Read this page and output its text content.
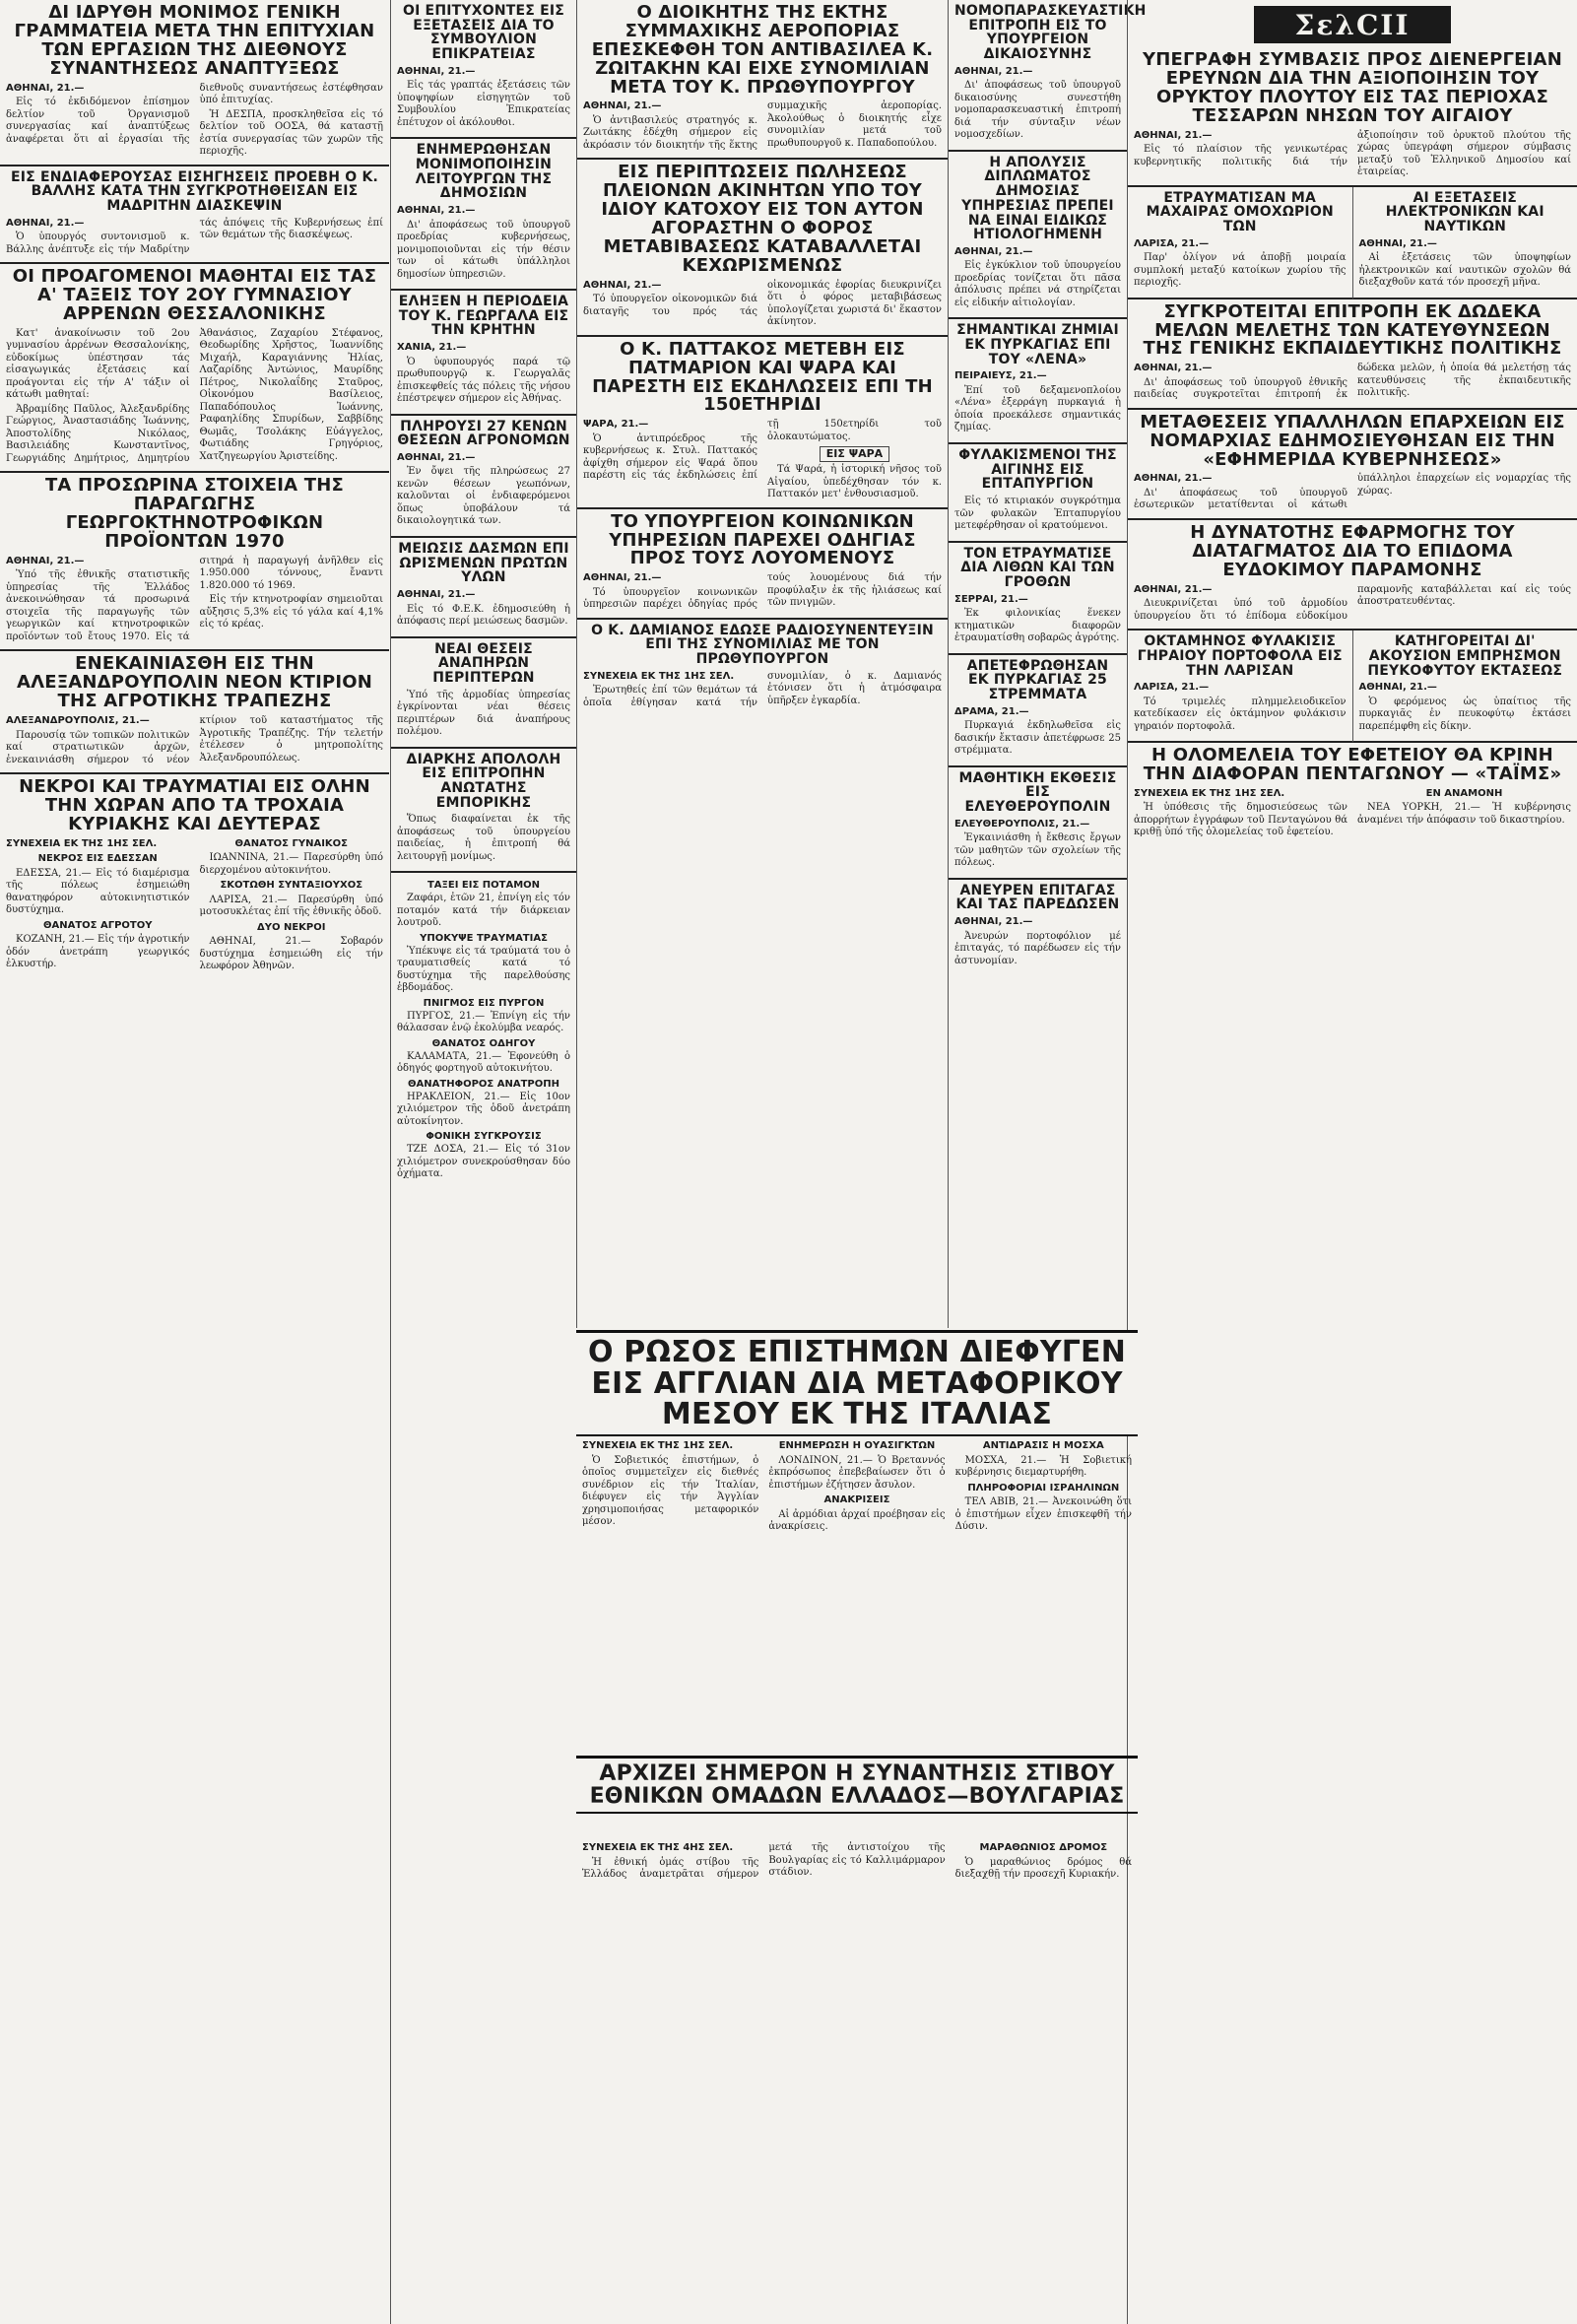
ΔΙ ΙΔΡΥΘΗ ΜΟΝΙΜΟΣ ΓΕΝΙΚΗ ΓΡΑΜΜΑΤΕΙΑ ΜΕΤΑ ΤΗΝ ΕΠΙΤΥΧΙΑΝ ΤΩΝ ΕΡΓΑΣΙΩΝ ΤΗΣ ΔΙΕΘΝΟΥΣ ΣΥΝΑΝΤΗΣΕΩΣ ΑΝΑΠΤΥΞΕΩΣ
ΑΘΗΝΑΙ, 21.—

Εἰς τό ἐκδιδόμενον ἐπίσημον δελτίον τοῦ Ὀργανισμοῦ συνεργασίας καί ἀναπτύξεως ἀναφέρεται ὅτι αἱ ἐργασίαι τῆς διεθνοῦς συναντήσεως ἐστέφθησαν ὑπό ἐπιτυχίας.

Ἡ ΔΕΣΠΑ, προσκληθεῖσα εἰς τό δελτίον τοῦ ΟΟΣΑ, θά καταστῇ ἐστία συνεργασίας τῶν χωρῶν τῆς περιοχῆς.

ΕΙΣ ΕΝΔΙΑΦΕΡΟΥΣΑΣ ΕΙΣΗΓΗΣΕΙΣ ΠΡΟΕΒΗ Ο Κ. ΒΑΛΛΗΣ ΚΑΤΑ ΤΗΝ ΣΥΓΚΡΟΤΗΘΕΙΣΑΝ ΕΙΣ ΜΑΔΡΙΤΗΝ ΔΙΑΣΚΕΨΙΝ
ΑΘΗΝΑΙ, 21.—

Ὁ ὑπουργός συντονισμοῦ κ. Βάλλης ἀνέπτυξε εἰς τήν Μαδρίτην τάς ἀπόψεις τῆς Κυβερνήσεως ἐπί τῶν θεμάτων τῆς διασκέψεως.

ΟΙ ΠΡΟΑΓΟΜΕΝΟΙ ΜΑΘΗΤΑΙ ΕΙΣ ΤΑΣ Α' ΤΑΞΕΙΣ ΤΟΥ 2ΟΥ ΓΥΜΝΑΣΙΟΥ ΑΡΡΕΝΩΝ ΘΕΣΣΑΛΟΝΙΚΗΣ

Κατ' ἀνακοίνωσιν τοῦ 2ου γυμνασίου ἀρρένων Θεσσαλονίκης, εὐδοκίμως ὑπέστησαν τάς εἰσαγωγικάς ἐξετάσεις καί προάγονται εἰς τήν Α' τάξιν οἱ κάτωθι μαθηταί:

Ἀβραμίδης Παῦλος, Ἀλεξανδρίδης Γεώργιος, Ἀναστασιάδης Ἰωάννης, Ἀποστολίδης Νικόλαος, Βασιλειάδης Κωνσταντῖνος, Γεωργιάδης Δημήτριος, Δημητρίου Ἀθανάσιος, Ζαχαρίου Στέφανος, Θεοδωρίδης Χρῆστος, Ἰωαννίδης Μιχαήλ, Καραγιάννης Ἠλίας, Λαζαρίδης Ἀντώνιος, Μαυρίδης Πέτρος, Νικολαΐδης Σταῦρος, Οἰκονόμου Βασίλειος, Παπαδόπουλος Ἰωάννης, Ραφαηλίδης Σπυρίδων, Σαββίδης Θωμᾶς, Τσολάκης Εὐάγγελος, Φωτιάδης Γρηγόριος, Χατζηγεωργίου Ἀριστείδης.

ΤΑ ΠΡΟΣΩΡΙΝΑ ΣΤΟΙΧΕΙΑ ΤΗΣ ΠΑΡΑΓΩΓΗΣ ΓΕΩΡΓΟΚΤΗΝΟΤΡΟΦΙΚΩΝ ΠΡΟΪΟΝΤΩΝ 1970
ΑΘΗΝΑΙ, 21.—

Ὑπό τῆς ἐθνικῆς στατιστικῆς ὑπηρεσίας τῆς Ἑλλάδος ἀνεκοινώθησαν τά προσωρινά στοιχεῖα τῆς παραγωγῆς τῶν γεωργικῶν καί κτηνοτροφικῶν προϊόντων τοῦ ἔτους 1970. Εἰς τά σιτηρά ἡ παραγωγή ἀνῆλθεν εἰς 1.950.000 τόννους, ἔναντι 1.820.000 τό 1969.

Εἰς τήν κτηνοτροφίαν σημειοῦται αὔξησις 5,3% εἰς τό γάλα καί 4,1% εἰς τό κρέας.

ΕΝΕΚΑΙΝΙΑΣΘΗ ΕΙΣ ΤΗΝ ΑΛΕΞΑΝΔΡΟΥΠΟΛΙΝ ΝΕΟΝ ΚΤΙΡΙΟΝ ΤΗΣ ΑΓΡΟΤΙΚΗΣ ΤΡΑΠΕΖΗΣ
ΑΛΕΞΑΝΔΡΟΥΠΟΛΙΣ, 21.—

Παρουσίᾳ τῶν τοπικῶν πολιτικῶν καί στρατιωτικῶν ἀρχῶν, ἐνεκαινιάσθη σήμερον τό νέον κτίριον τοῦ καταστήματος τῆς Ἀγροτικῆς Τραπέζης. Τήν τελετήν ἐτέλεσεν ὁ μητροπολίτης Ἀλεξανδρουπόλεως.

ΝΕΚΡΟΙ ΚΑΙ ΤΡΑΥΜΑΤΙΑΙ ΕΙΣ ΟΛΗΝ ΤΗΝ ΧΩΡΑΝ ΑΠΟ ΤΑ ΤΡΟΧΑΙΑ ΚΥΡΙΑΚΗΣ ΚΑΙ ΔΕΥΤΕΡΑΣ
ΣΥΝΕΧΕΙΑ ΕΚ ΤΗΣ 1ΗΣ ΣΕΛ.
ΝΕΚΡΟΣ ΕΙΣ ΕΔΕΣΣΑΝ

ΕΔΕΣΣΑ, 21.— Εἰς τό διαμέρισμα τῆς πόλεως ἐσημειώθη θανατηφόρον αὐτοκινητιστικόν δυστύχημα.

ΘΑΝΑΤΟΣ ΑΓΡΟΤΟΥ

ΚΟΖΑΝΗ, 21.— Εἰς τήν ἀγροτικήν ὁδόν ἀνετράπη γεωργικός ἐλκυστήρ.

ΘΑΝΑΤΟΣ ΓΥΝΑΙΚΟΣ

ΙΩΑΝΝΙΝΑ, 21.— Παρεσύρθη ὑπό διερχομένου αὐτοκινήτου.

ΣΚΟΤΩΘΗ ΣΥΝΤΑΞΙΟΥΧΟΣ

ΛΑΡΙΣΑ, 21.— Παρεσύρθη ὑπό μοτοσυκλέτας ἐπί τῆς ἐθνικῆς ὁδοῦ.

ΔΥΟ ΝΕΚΡΟΙ

ΑΘΗΝΑΙ, 21.— Σοβαρόν δυστύχημα ἐσημειώθη εἰς τήν λεωφόρον Ἀθηνῶν.

ΟΙ ΕΠΙΤΥΧΟΝΤΕΣ ΕΙΣ ΕΞΕΤΑΣΕΙΣ ΔΙΑ ΤΟ ΣΥΜΒΟΥΛΙΟΝ ΕΠΙΚΡΑΤΕΙΑΣ
ΑΘΗΝΑΙ, 21.—

Εἰς τάς γραπτάς ἐξετάσεις τῶν ὑποψηφίων εἰσηγητῶν τοῦ Συμβουλίου Ἐπικρατείας ἐπέτυχον οἱ ἀκόλουθοι.

ΕΝΗΜΕΡΩΘΗΣΑΝ ΜΟΝΙΜΟΠΟΙΗΣΙΝ ΛΕΙΤΟΥΡΓΩΝ ΤΗΣ ΔΗΜΟΣΙΩΝ
ΑΘΗΝΑΙ, 21.—

Δι' ἀποφάσεως τοῦ ὑπουργοῦ προεδρίας κυβερνήσεως, μονιμοποιοῦνται εἰς τήν θέσιν των οἱ κάτωθι ὑπάλληλοι δημοσίων ὑπηρεσιῶν.

ΕΛΗΞΕΝ Η ΠΕΡΙΟΔΕΙΑ ΤΟΥ Κ. ΓΕΩΡΓΑΛΑ ΕΙΣ ΤΗΝ ΚΡΗΤΗΝ
ΧΑΝΙΑ, 21.—

Ὁ ὑφυπουργός παρά τῷ πρωθυπουργῷ κ. Γεωργαλᾶς ἐπισκεφθείς τάς πόλεις τῆς νήσου ἐπέστρεψεν σήμερον εἰς Ἀθήνας.

ΠΛΗΡΟΥΣΙ 27 ΚΕΝΩΝ ΘΕΣΕΩΝ ΑΓΡΟΝΟΜΩΝ
ΑΘΗΝΑΙ, 21.—

Ἐν ὄψει τῆς πληρώσεως 27 κενῶν θέσεων γεωπόνων, καλοῦνται οἱ ἐνδιαφερόμενοι ὅπως ὑποβάλουν τά δικαιολογητικά των.

ΜΕΙΩΣΙΣ ΔΑΣΜΩΝ ΕΠΙ ΩΡΙΣΜΕΝΩΝ ΠΡΩΤΩΝ ΥΛΩΝ
ΑΘΗΝΑΙ, 21.—

Εἰς τό Φ.Ε.Κ. ἐδημοσιεύθη ἡ ἀπόφασις περί μειώσεως δασμῶν.

ΝΕΑΙ ΘΕΣΕΙΣ ΑΝΑΠΗΡΩΝ ΠΕΡΙΠΤΕΡΩΝ

Ὑπό τῆς ἀρμοδίας ὑπηρεσίας ἐγκρίνονται νέαι θέσεις περιπτέρων διά ἀναπήρους πολέμου.

ΔΙΑΡΚΗΣ ΑΠΟΛΟΛΗ ΕΙΣ ΕΠΙΤΡΟΠΗΝ ΑΝΩΤΑΤΗΣ ΕΜΠΟΡΙΚΗΣ

Ὅπως διαφαίνεται ἐκ τῆς ἀποφάσεως τοῦ ὑπουργείου παιδείας, ἡ ἐπιτροπή θά λειτουργῇ μονίμως.

ΤΑΞΕΙ ΕΙΣ ΠΟΤΑΜΟΝ

Ζαφάρι, ἐτῶν 21, ἐπνίγη εἰς τόν ποταμόν κατά τήν διάρκειαν λουτροῦ.

ΥΠΟΚΥΨΕ ΤΡΑΥΜΑΤΙΑΣ

Ὑπέκυψε εἰς τά τραύματά του ὁ τραυματισθείς κατά τό δυστύχημα τῆς παρελθούσης ἑβδομάδος.

ΠΝΙΓΜΟΣ ΕΙΣ ΠΥΡΓΟΝ

ΠΥΡΓΟΣ, 21.— Ἐπνίγη εἰς τήν θάλασσαν ἐνῷ ἐκολύμβα νεαρός.

ΘΑΝΑΤΟΣ ΟΔΗΓΟΥ

ΚΑΛΑΜΑΤΑ, 21.— Ἐφονεύθη ὁ ὁδηγός φορτηγοῦ αὐτοκινήτου.

ΘΑΝΑΤΗΦΟΡΟΣ ΑΝΑΤΡΟΠΗ

ΗΡΑΚΛΕΙΟΝ, 21.— Εἰς 10ον χιλιόμετρον τῆς ὁδοῦ ἀνετράπη αὐτοκίνητον.

ΦΟΝΙΚΗ ΣΥΓΚΡΟΥΣΙΣ

ΤΖΕ ΔΟΣΑ, 21.— Εἰς τό 31ον χιλιόμετρον συνεκρούσθησαν δύο ὀχήματα.

Ο ΔΙΟΙΚΗΤΗΣ ΤΗΣ ΕΚΤΗΣ ΣΥΜΜΑΧΙΚΗΣ ΑΕΡΟΠΟΡΙΑΣ ΕΠΕΣΚΕΦΘΗ ΤΟΝ ΑΝΤΙΒΑΣΙΛΕΑ Κ. ΖΩΙΤΑΚΗΝ ΚΑΙ ΕΙΧΕ ΣΥΝΟΜΙΛΙΑΝ ΜΕΤΑ ΤΟΥ Κ. ΠΡΩΘΥΠΟΥΡΓΟΥ
ΑΘΗΝΑΙ, 21.—

Ὁ ἀντιβασιλεύς στρατηγός κ. Ζωιτάκης ἐδέχθη σήμερον εἰς ἀκρόασιν τόν διοικητήν τῆς ἕκτης συμμαχικῆς ἀεροπορίας. Ἀκολούθως ὁ διοικητής εἶχε συνομιλίαν μετά τοῦ πρωθυπουργοῦ κ. Παπαδοπούλου.

ΕΙΣ ΠΕΡΙΠΤΩΣΕΙΣ ΠΩΛΗΣΕΩΣ ΠΛΕΙΟΝΩΝ ΑΚΙΝΗΤΩΝ ΥΠΟ ΤΟΥ ΙΔΙΟΥ ΚΑΤΟΧΟΥ ΕΙΣ ΤΟΝ ΑΥΤΟΝ ΑΓΟΡΑΣΤΗΝ Ο ΦΟΡΟΣ ΜΕΤΑΒΙΒΑΣΕΩΣ ΚΑΤΑΒΑΛΛΕΤΑΙ ΚΕΧΩΡΙΣΜΕΝΩΣ
ΑΘΗΝΑΙ, 21.—

Τό ὑπουργεῖον οἰκονομικῶν διά διαταγῆς του πρός τάς οἰκονομικάς ἐφορίας διευκρινίζει ὅτι ὁ φόρος μεταβιβάσεως ὑπολογίζεται χωριστά δι' ἕκαστον ἀκίνητον.

Ο Κ. ΠΑΤΤΑΚΟΣ ΜΕΤΕΒΗ ΕΙΣ ΠΑΤΜΑΡΙΟΝ ΚΑΙ ΨΑΡΑ ΚΑΙ ΠΑΡΕΣΤΗ ΕΙΣ ΕΚΔΗΛΩΣΕΙΣ ΕΠΙ ΤΗ 150ΕΤΗΡΙΔΙ
ΨΑΡΑ, 21.—

Ὁ ἀντιπρόεδρος τῆς κυβερνήσεως κ. Στυλ. Παττακός ἀφίχθη σήμερον εἰς Ψαρά ὅπου παρέστη εἰς τάς ἐκδηλώσεις ἐπί τῇ 150ετηρίδι τοῦ ὁλοκαυτώματος.

ΕΙΣ ΨΑΡΑ

Τά Ψαρά, ἡ ἱστορική νῆσος τοῦ Αἰγαίου, ὑπεδέχθησαν τόν κ. Παττακόν μετ' ἐνθουσιασμοῦ.

ΤΟ ΥΠΟΥΡΓΕΙΟΝ ΚΟΙΝΩΝΙΚΩΝ ΥΠΗΡΕΣΙΩΝ ΠΑΡΕΧΕΙ ΟΔΗΓΙΑΣ ΠΡΟΣ ΤΟΥΣ ΛΟΥΟΜΕΝΟΥΣ
ΑΘΗΝΑΙ, 21.—

Τό ὑπουργεῖον κοινωνικῶν ὑπηρεσιῶν παρέχει ὁδηγίας πρός τούς λουομένους διά τήν προφύλαξιν ἐκ τῆς ἡλιάσεως καί τῶν πνιγμῶν.

Ο Κ. ΔΑΜΙΑΝΟΣ ΕΔΩΣΕ ΡΑΔΙΟΣΥΝΕΝΤΕΥΞΙΝ ΕΠΙ ΤΗΣ ΣΥΝΟΜΙΛΙΑΣ ΜΕ ΤΟΝ ΠΡΩΘΥΠΟΥΡΓΟΝ
ΣΥΝΕΧΕΙΑ ΕΚ ΤΗΣ 1ΗΣ ΣΕΛ.

Ἐρωτηθείς ἐπί τῶν θεμάτων τά ὁποῖα ἐθίγησαν κατά τήν συνομιλίαν, ὁ κ. Δαμιανός ἐτόνισεν ὅτι ἡ ἀτμόσφαιρα ὑπῆρξεν ἐγκαρδία.

ΝΟΜΟΠΑΡΑΣΚΕΥΑΣΤΙΚΗ ΕΠΙΤΡΟΠΗ ΕΙΣ ΤΟ ΥΠΟΥΡΓΕΙΟΝ ΔΙΚΑΙΟΣΥΝΗΣ
ΑΘΗΝΑΙ, 21.—

Δι' ἀποφάσεως τοῦ ὑπουργοῦ δικαιοσύνης συνεστήθη νομοπαρασκευαστική ἐπιτροπή διά τήν σύνταξιν νέων νομοσχεδίων.

Η ΑΠΟΛΥΣΙΣ ΔΙΠΛΩΜΑΤΟΣ ΔΗΜΟΣΙΑΣ ΥΠΗΡΕΣΙΑΣ ΠΡΕΠΕΙ ΝΑ ΕΙΝΑΙ ΕΙΔΙΚΩΣ ΗΤΙΟΛΟΓΗΜΕΝΗ
ΑΘΗΝΑΙ, 21.—

Εἰς ἐγκύκλιον τοῦ ὑπουργείου προεδρίας τονίζεται ὅτι πᾶσα ἀπόλυσις πρέπει νά στηρίζεται εἰς εἰδικήν αἰτιολογίαν.

ΣΗΜΑΝΤΙΚΑΙ ΖΗΜΙΑΙ ΕΚ ΠΥΡΚΑΓΙΑΣ ΕΠΙ ΤΟΥ «ΛΕΝΑ»
ΠΕΙΡΑΙΕΥΣ, 21.—

Ἐπί τοῦ δεξαμενοπλοίου «Λένα» ἐξερράγη πυρκαγιά ἡ ὁποία προεκάλεσε σημαντικάς ζημίας.

ΦΥΛΑΚΙΣΜΕΝΟΙ ΤΗΣ ΑΙΓΙΝΗΣ ΕΙΣ ΕΠΤΑΠΥΡΓΙΟΝ

Εἰς τό κτιριακόν συγκρότημα τῶν φυλακῶν Ἑπταπυργίου μετεφέρθησαν οἱ κρατούμενοι.

ΤΟΝ ΕΤΡΑΥΜΑΤΙΣΕ ΔΙΑ ΛΙΘΩΝ ΚΑΙ ΤΩΝ ΓΡΟΘΩΝ
ΣΕΡΡΑΙ, 21.—

Ἐκ φιλονικίας ἕνεκεν κτηματικῶν διαφορῶν ἐτραυματίσθη σοβαρῶς ἀγρότης.

ΑΠΕΤΕΦΡΩΘΗΣΑΝ ΕΚ ΠΥΡΚΑΓΙΑΣ 25 ΣΤΡΕΜΜΑΤΑ
ΔΡΑΜΑ, 21.—

Πυρκαγιά ἐκδηλωθεῖσα εἰς δασικήν ἔκτασιν ἀπετέφρωσε 25 στρέμματα.

ΜΑΘΗΤΙΚΗ ΕΚΘΕΣΙΣ ΕΙΣ ΕΛΕΥΘΕΡΟΥΠΟΛΙΝ
ΕΛΕΥΘΕΡΟΥΠΟΛΙΣ, 21.—

Ἐγκαινιάσθη ἡ ἔκθεσις ἔργων τῶν μαθητῶν τῶν σχολείων τῆς πόλεως.

ΑΝΕΥΡΕΝ ΕΠΙΤΑΓΑΣ ΚΑΙ ΤΑΣ ΠΑΡΕΔΩΣΕΝ
ΑΘΗΝΑΙ, 21.—

Ἀνευρών πορτοφόλιον μέ ἐπιταγάς, τό παρέδωσεν εἰς τήν ἀστυνομίαν.

ΣελCII
ΥΠΕΓΡΑΦΗ ΣΥΜΒΑΣΙΣ ΠΡΟΣ ΔΙΕΝΕΡΓΕΙΑΝ ΕΡΕΥΝΩΝ ΔΙΑ ΤΗΝ ΑΞΙΟΠΟΙΗΣΙΝ ΤΟΥ ΟΡΥΚΤΟΥ ΠΛΟΥΤΟΥ ΕΙΣ ΤΑΣ ΠΕΡΙΟΧΑΣ ΤΕΣΣΑΡΩΝ ΝΗΣΩΝ ΤΟΥ ΑΙΓΑΙΟΥ
ΑΘΗΝΑΙ, 21.—

Εἰς τό πλαίσιον τῆς γενικωτέρας κυβερνητικῆς πολιτικῆς διά τήν ἀξιοποίησιν τοῦ ὀρυκτοῦ πλούτου τῆς χώρας ὑπεγράφη σήμερον σύμβασις μεταξύ τοῦ Ἑλληνικοῦ Δημοσίου καί ἑταιρείας.

ΕΤΡΑΥΜΑΤΙΣΑΝ ΜΑ ΜΑΧΑΙΡΑΣ ΟΜΟΧΩΡΙΟΝ ΤΩΝ
ΛΑΡΙΣΑ, 21.—

Παρ' ὀλίγον νά ἀποβῇ μοιραία συμπλοκή μεταξύ κατοίκων χωρίου τῆς περιοχῆς.

ΑΙ ΕΞΕΤΑΣΕΙΣ ΗΛΕΚΤΡΟΝΙΚΩΝ ΚΑΙ ΝΑΥΤΙΚΩΝ
ΑΘΗΝΑΙ, 21.—

Αἱ ἐξετάσεις τῶν ὑποψηφίων ἠλεκτρονικῶν καί ναυτικῶν σχολῶν θά διεξαχθοῦν κατά τόν προσεχῆ μῆνα.

ΣΥΓΚΡΟΤΕΙΤΑΙ ΕΠΙΤΡΟΠΗ ΕΚ ΔΩΔΕΚΑ ΜΕΛΩΝ ΜΕΛΕΤΗΣ ΤΩΝ ΚΑΤΕΥΘΥΝΣΕΩΝ ΤΗΣ ΓΕΝΙΚΗΣ ΕΚΠΑΙΔΕΥΤΙΚΗΣ ΠΟΛΙΤΙΚΗΣ
ΑΘΗΝΑΙ, 21.—

Δι' ἀποφάσεως τοῦ ὑπουργοῦ ἐθνικῆς παιδείας συγκροτεῖται ἐπιτροπή ἐκ δώδεκα μελῶν, ἡ ὁποία θά μελετήσῃ τάς κατευθύνσεις τῆς ἐκπαιδευτικῆς πολιτικῆς.

ΜΕΤΑΘΕΣΕΙΣ ΥΠΑΛΛΗΛΩΝ ΕΠΑΡΧΕΙΩΝ ΕΙΣ ΝΟΜΑΡΧΙΑΣ ΕΔΗΜΟΣΙΕΥΘΗΣΑΝ ΕΙΣ ΤΗΝ «ΕΦΗΜΕΡΙΔΑ ΚΥΒΕΡΝΗΣΕΩΣ»
ΑΘΗΝΑΙ, 21.—

Δι' ἀποφάσεως τοῦ ὑπουργοῦ ἐσωτερικῶν μετατίθενται οἱ κάτωθι ὑπάλληλοι ἐπαρχείων εἰς νομαρχίας τῆς χώρας.

Η ΔΥΝΑΤΟΤΗΣ ΕΦΑΡΜΟΓΗΣ ΤΟΥ ΔΙΑΤΑΓΜΑΤΟΣ ΔΙΑ ΤΟ ΕΠΙΔΟΜΑ ΕΥΔΟΚΙΜΟΥ ΠΑΡΑΜΟΝΗΣ
ΑΘΗΝΑΙ, 21.—

Διευκρινίζεται ὑπό τοῦ ἀρμοδίου ὑπουργείου ὅτι τό ἐπίδομα εὐδοκίμου παραμονῆς καταβάλλεται καί εἰς τούς ἀποστρατευθέντας.

ΟΚΤΑΜΗΝΟΣ ΦΥΛΑΚΙΣΙΣ ΓΗΡΑΙΟΥ ΠΟΡΤΟΦΟΛΑ ΕΙΣ ΤΗΝ ΛΑΡΙΣΑΝ
ΛΑΡΙΣΑ, 21.—

Τό τριμελές πλημμελειοδικεῖον κατεδίκασεν εἰς ὀκτάμηνον φυλάκισιν γηραιόν πορτοφολᾶ.

ΚΑΤΗΓΟΡΕΙΤΑΙ ΔΙ' ΑΚΟΥΣΙΟΝ ΕΜΠΡΗΣΜΟΝ ΠΕΥΚΟΦΥΤΟΥ ΕΚΤΑΣΕΩΣ
ΑΘΗΝΑΙ, 21.—

Ὁ φερόμενος ὡς ὑπαίτιος τῆς πυρκαγιᾶς ἐν πευκοφύτῳ ἐκτάσει παρεπέμφθη εἰς δίκην.

Η ΟΛΟΜΕΛΕΙΑ ΤΟΥ ΕΦΕΤΕΙΟΥ ΘΑ ΚΡΙΝΗ ΤΗΝ ΔΙΑΦΟΡΑΝ ΠΕΝΤΑΓΩΝΟΥ — «ΤΑΪΜΣ»
ΣΥΝΕΧΕΙΑ ΕΚ ΤΗΣ 1ΗΣ ΣΕΛ.

Ἡ ὑπόθεσις τῆς δημοσιεύσεως τῶν ἀπορρήτων ἐγγράφων τοῦ Πενταγώνου θά κριθῇ ὑπό τῆς ὁλομελείας τοῦ ἐφετείου.

ΕΝ ΑΝΑΜΟΝΗ

ΝΕΑ ΥΟΡΚΗ, 21.— Ἡ κυβέρνησις ἀναμένει τήν ἀπόφασιν τοῦ δικαστηρίου.

Ο ΡΩΣΟΣ ΕΠΙΣΤΗΜΩΝ ΔΙΕΦΥΓΕΝ ΕΙΣ ΑΓΓΛΙΑΝ ΔΙΑ ΜΕΤΑΦΟΡΙΚΟΥ ΜΕΣΟΥ ΕΚ ΤΗΣ ΙΤΑΛΙΑΣ
ΣΥΝΕΧΕΙΑ ΕΚ ΤΗΣ 1ΗΣ ΣΕΛ.

Ὁ Σοβιετικός ἐπιστήμων, ὁ ὁποῖος συμμετεῖχεν εἰς διεθνές συνέδριον εἰς τήν Ἰταλίαν, διέφυγεν εἰς τήν Ἀγγλίαν χρησιμοποιήσας μεταφορικόν μέσον.

ΕΝΗΜΕΡΩΣΗ Η ΟΥΑΣΙΓΚΤΩΝ

ΛΟΝΔΙΝΟΝ, 21.— Ὁ Βρεταννός ἐκπρόσωπος ἐπεβεβαίωσεν ὅτι ὁ ἐπιστήμων ἐζήτησεν ἄσυλον.

ΑΝΑΚΡΙΣΕΙΣ

Αἱ ἀρμόδιαι ἀρχαί προέβησαν εἰς ἀνακρίσεις.

ΑΝΤΙΔΡΑΣΙΣ Η ΜΟΣΧΑ

ΜΟΣΧΑ, 21.— Ἡ Σοβιετική κυβέρνησις διεμαρτυρήθη.

ΠΛΗΡΟΦΟΡΙΑΙ ΙΣΡΑΗΛΙΝΩΝ

ΤΕΛ ΑΒΙΒ, 21.— Ἀνεκοινώθη ὅτι ὁ ἐπιστήμων εἶχεν ἐπισκεφθῆ τήν Δύσιν.

ΑΡΧΙΖΕΙ ΣΗΜΕΡΟΝ Η ΣΥΝΑΝΤΗΣΙΣ ΣΤΙΒΟΥ ΕΘΝΙΚΩΝ ΟΜΑΔΩΝ ΕΛΛΑΔΟΣ—ΒΟΥΛΓΑΡΙΑΣ
ΣΥΝΕΧΕΙΑ ΕΚ ΤΗΣ 4ΗΣ ΣΕΛ.

Ἡ ἐθνική ὁμάς στίβου τῆς Ἑλλάδος ἀναμετρᾶται σήμερον μετά τῆς ἀντιστοίχου τῆς Βουλγαρίας εἰς τό Καλλιμάρμαρον στάδιον.

ΜΑΡΑΘΩΝΙΟΣ ΔΡΟΜΟΣ

Ὁ μαραθώνιος δρόμος θά διεξαχθῇ τήν προσεχῆ Κυριακήν.
